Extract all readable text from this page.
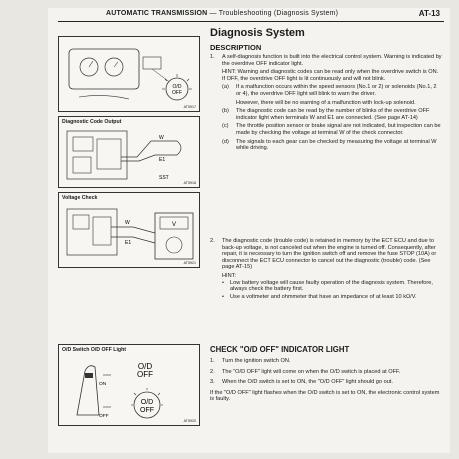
AUTOMATIC TRANSMISSION — Troubleshooting (Diagnosis System)	AT-13
O/D
OFF
AT5917
W
E1
SST
Diagnostic Code Output
AT5918
W
E1
V
Voltage Check
AT5921
ON
OFF
O/D
OFF
O/D
OFF
O/D Switch O/D OFF Light
AT5920
Diagnosis System
DESCRIPTION
1. A self-diagnosis function is built into the electrical control system. Warning is indicated by the overdrive OFF indicator light.
HINT: Warning and diagnostic codes can be read only when the overdrive switch is ON. If OFF, the overdrive OFF light is lit continuously and will not blink.
(a) If a malfunction occurs within the speed sensors (No.1 or 2) or solenoids (No.1, 2 or 4), the overdrive OFF light will blink to warn the driver.
However, there will be no warning of a malfunction with lock-up solenoid.
(b) The diagnostic code can be read by the number of blinks of the overdrive OFF indicator light when terminals W and E1 are connected. (See page AT-14)
(c) The throttle position sensor or brake signal are not indicated, but inspection can be made by checking the voltage at terminal W of the check connector.
(d) The signals to each gear can be checked by measuring the voltage at terminal W while driving.
2. The diagnostic code (trouble code) is retained in memory by the ECT ECU and due to back-up voltage, is not canceled out when the engine is turned off. Consequently, after repair, it is necessary to turn the ignition switch off and remove the fuse STOP (10A) or disconnect the ECT ECU connector to cancel out the diagnostic (trouble) code. (See page AT-15)
HINT:
• Low battery voltage will cause faulty operation of the diagnosis system. Therefore, always check the battery first.
• Use a voltmeter and ohmmeter that have an impedance of at least 10 kΩ/V.
CHECK "O/D OFF" INDICATOR LIGHT
1. Turn the ignition switch ON.
2. The "O/D OFF" light will come on when the O/D switch is placed at OFF.
3. When the O/D switch is set to ON, the "O/D OFF" light should go out.
If the "O/D OFF" light flashes when the O/D switch is set to ON, the electronic control system is faulty.
